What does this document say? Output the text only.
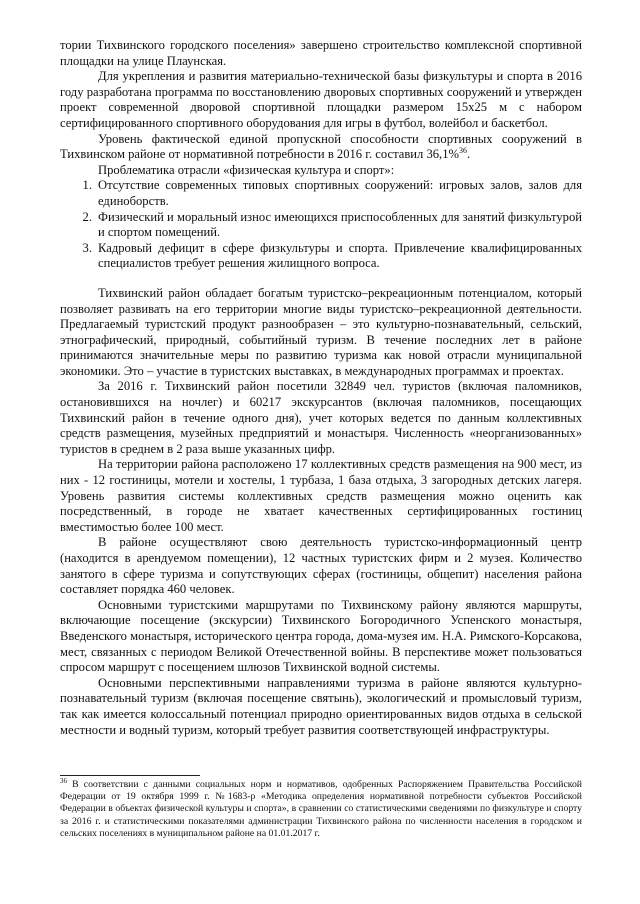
тории Тихвинского городского поселения» завершено строительство комплексной спортивной площадки на улице Плаунская.

Для укрепления и развития материально-технической базы физкультуры и спорта в 2016 году разработана программа по восстановлению дворовых спортивных сооружений и утвержден проект современной дворовой спортивной площадки размером 15х25 м с набором сертифицированного спортивного оборудования для игры в футбол, волейбол и баскетбол.

Уровень фактической единой пропускной способности спортивных сооружений в Тихвинском районе от нормативной потребности в 2016 г. составил 36,1%$^{36}$.

Проблематика отрасли «физическая культура и спорт»:

1. Отсутствие современных типовых спортивных сооружений: игровых залов, залов для единоборств.
2. Физический и моральный износ имеющихся приспособленных для занятий физкультурой и спортом помещений.
3. Кадровый дефицит в сфере физкультуры и спорта. Привлечение квалифицированных специалистов требует решения жилищного вопроса.

Тихвинский район обладает богатым туристско–рекреационным потенциалом, который позволяет развивать на его территории многие виды туристско–рекреационной деятельности. Предлагаемый туристский продукт разнообразен – это культурно-познавательный, сельский, этнографический, природный, событийный туризм. В течение последних лет в районе принимаются значительные меры по развитию туризма как новой отрасли муниципальной экономики. Это – участие в туристских выставках, в международных программах и проектах.

За 2016 г. Тихвинский район посетили 32849 чел. туристов (включая паломников, остановившихся на ночлег) и 60217 экскурсантов (включая паломников, посещающих Тихвинский район в течение одного дня), учет которых ведется по данным коллективных средств размещения, музейных предприятий и монастыря. Численность «неорганизованных» туристов в среднем в 2 раза выше указанных цифр.

На территории района расположено 17 коллективных средств размещения на 900 мест, из них - 12 гостиницы, мотели и хостелы, 1 турбаза, 1 база отдыха, 3 загородных детских лагеря. Уровень развития системы коллективных средств размещения можно оценить как посредственный, в городе не хватает качественных сертифицированных гостиниц вместимостью более 100 мест.

В районе осуществляют свою деятельность туристско-информационный центр (находится в арендуемом помещении), 12 частных туристских фирм и 2 музея. Количество занятого в сфере туризма и сопутствующих сферах (гостиницы, общепит) населения района составляет порядка 460 человек.

Основными туристскими маршрутами по Тихвинскому району являются маршруты, включающие посещение (экскурсии) Тихвинского Богородичного Успенского монастыря, Введенского монастыря, исторического центра города, дома-музея им. Н.А. Римского-Корсакова, мест, связанных с периодом Великой Отечественной войны. В перспективе может пользоваться спросом маршрут с посещением шлюзов Тихвинской водной системы.

Основными перспективными направлениями туризма в районе являются культурно-познавательный туризм (включая посещение святынь), экологический и промысловый туризм, так как имеется колоссальный потенциал природно ориентированных видов отдыха в сельской местности и водный туризм, который требует развития соответствующей инфраструктуры.

$^{36}$ В соответствии с данными социальных норм и нормативов, одобренных Распоряжением Правительства Российской Федерации от 19 октября 1999 г. №1683-р «Методика определения нормативной потребности субъектов Российской Федерации в объектах физической культуры и спорта», в сравнении со статистическими сведениями по физкультуре и спорту за 2016 г. и статистическими показателями администрации Тихвинского района по численности населения в городском и сельских поселениях в муниципальном районе на 01.01.2017 г.
